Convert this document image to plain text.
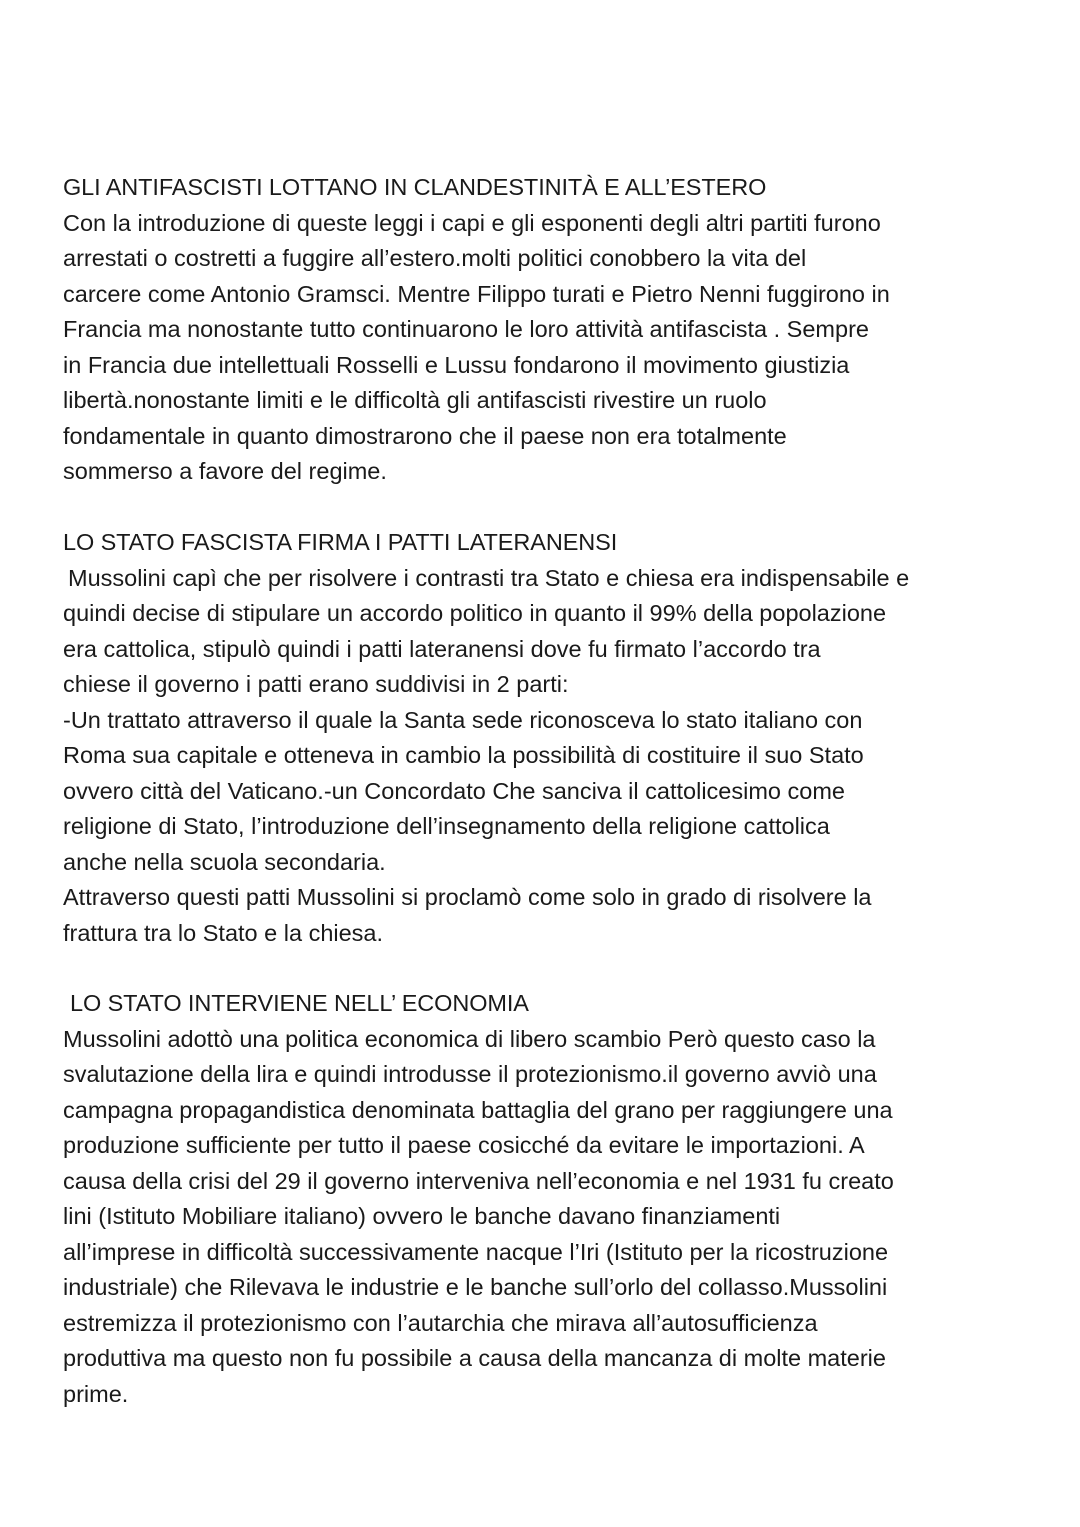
GLI ANTIFASCISTI LOTTANO IN CLANDESTINITÀ E ALL’ESTERO
Con la introduzione di queste leggi i capi e gli esponenti degli altri partiti furono
arrestati o costretti a fuggire all’estero.molti politici conobbero la vita del
carcere come Antonio Gramsci. Mentre Filippo turati e Pietro Nenni fuggirono in
Francia ma nonostante tutto continuarono le loro attività antifascista . Sempre
in Francia due intellettuali Rosselli e Lussu fondarono il movimento giustizia
libertà.nonostante limiti e le difficoltà gli antifascisti rivestire un ruolo
fondamentale in quanto dimostrarono che il paese non era totalmente
sommerso a favore del regime.
LO STATO FASCISTA FIRMA I PATTI LATERANENSI
Mussolini capì che per risolvere i contrasti tra Stato e chiesa era indispensabile e
quindi decise di stipulare un accordo politico in quanto il 99% della popolazione
era cattolica, stipulò quindi i patti lateranensi dove fu firmato l’accordo tra
chiese il governo i patti erano suddivisi in 2 parti:
-Un trattato attraverso il quale la Santa sede riconosceva lo stato italiano con
Roma sua capitale e otteneva in cambio la possibilità di costituire il suo Stato
ovvero città del Vaticano.-un Concordato Che sanciva il cattolicesimo come
religione di Stato, l’introduzione dell’insegnamento della religione cattolica
anche nella scuola secondaria.
Attraverso questi patti Mussolini si proclamò come solo in grado di risolvere la
frattura tra lo Stato e la chiesa.
LO STATO INTERVIENE NELL’ ECONOMIA
Mussolini adottò una politica economica di libero scambio Però questo caso la
svalutazione della lira e quindi introdusse il protezionismo.il governo avviò una
campagna propagandistica denominata battaglia del grano per raggiungere una
produzione sufficiente per tutto il paese cosicché da evitare le importazioni. A
causa della crisi del 29 il governo interveniva nell’economia e nel 1931 fu creato
lini (Istituto Mobiliare italiano) ovvero le banche davano finanziamenti
all’imprese in difficoltà successivamente nacque l’Iri (Istituto per la ricostruzione
industriale) che Rilevava le industrie e le banche sull’orlo del collasso.Mussolini
estremizza il protezionismo con l’autarchia che mirava all’autosufficienza
produttiva ma questo non fu possibile a causa della mancanza di molte materie
prime.
